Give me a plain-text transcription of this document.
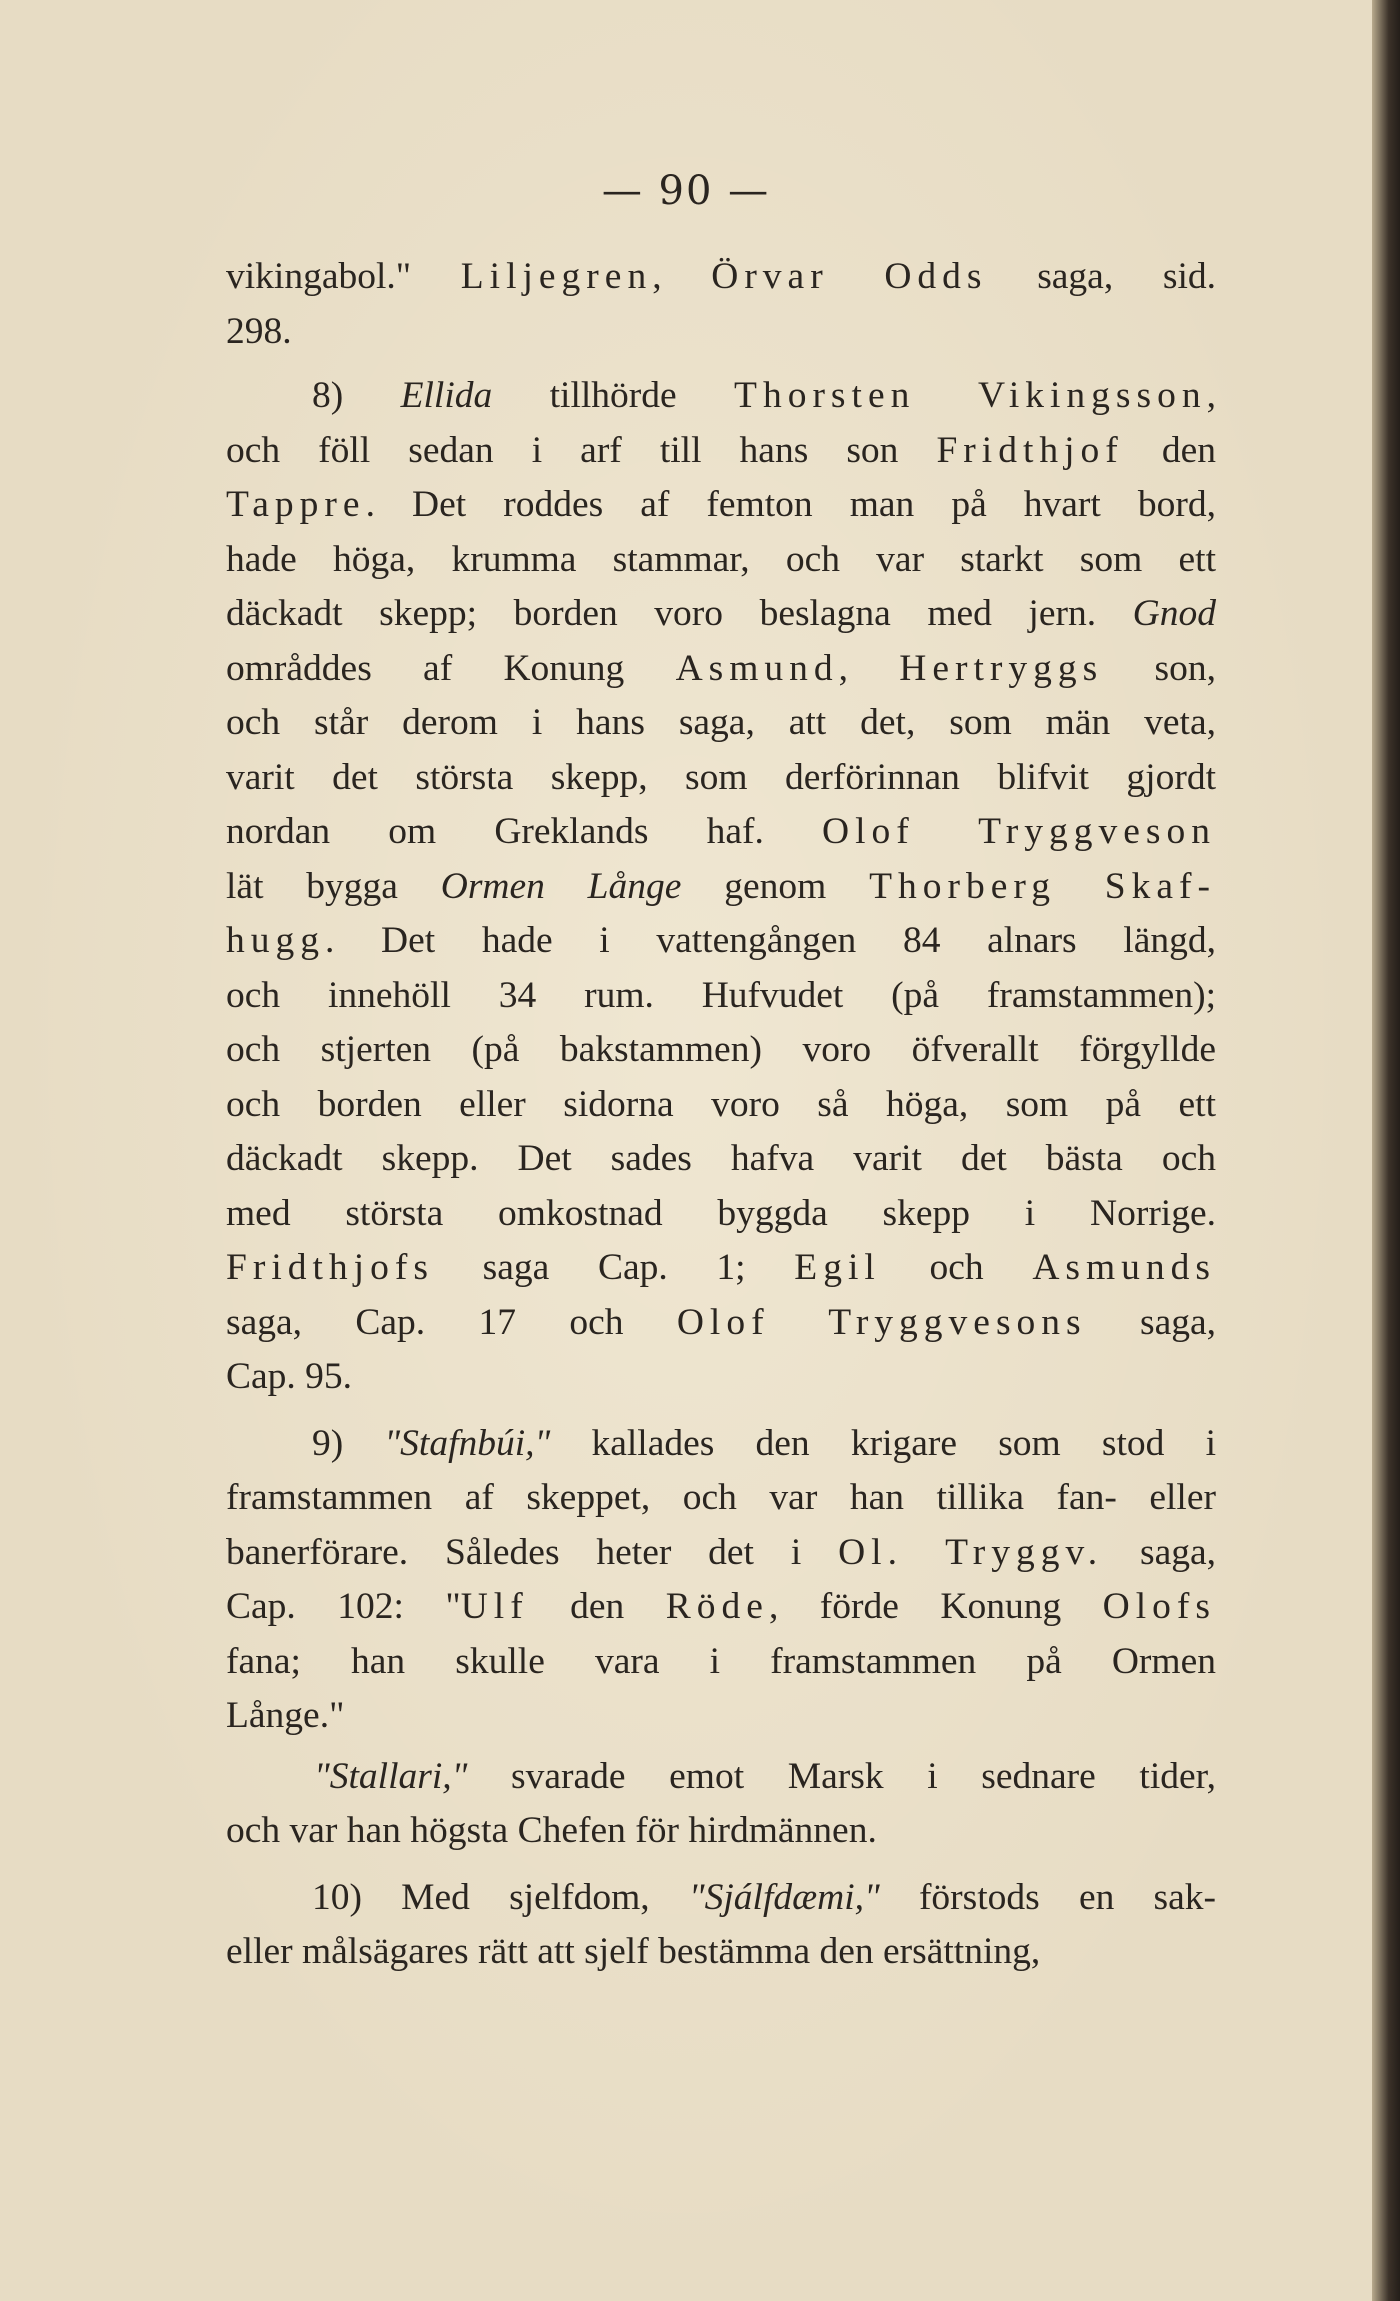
— 90 —
vikingabol." Liljegren, Örvar Odds saga, sid.
298.
8) Ellida tillhörde Thorsten Vikingsson,
och föll sedan i arf till hans son Fridthjof den
Tappre. Det roddes af femton man på hvart bord,
hade höga, krumma stammar, och var starkt som ett
däckadt skepp; borden voro beslagna med jern. Gnod
områddes af Konung Asmund, Hertryggs son,
och står derom i hans saga, att det, som män veta,
varit det största skepp, som derförinnan blifvit gjordt
nordan om Greklands haf. Olof Tryggveson
lät bygga Ormen Långe genom Thorberg Skaf-
hugg. Det hade i vattengången 84 alnars längd,
och innehöll 34 rum. Hufvudet (på framstammen);
och stjerten (på bakstammen) voro öfverallt förgyllde
och borden eller sidorna voro så höga, som på ett
däckadt skepp. Det sades hafva varit det bästa och
med största omkostnad byggda skepp i Norrige.
Fridthjofs saga Cap. 1; Egil och Asmunds
saga, Cap. 17 och Olof Tryggvesons saga,
Cap. 95.
9) "Stafnbúi," kallades den krigare som stod i
framstammen af skeppet, och var han tillika fan- eller
banerförare. Således heter det i Ol. Tryggv. saga,
Cap. 102: "Ulf den Röde, förde Konung Olofs
fana; han skulle vara i framstammen på Ormen
Långe."
"Stallari," svarade emot Marsk i sednare tider,
och var han högsta Chefen för hirdmännen.
10) Med sjelfdom, "Sjálfdæmi," förstods en sak-
eller målsägares rätt att sjelf bestämma den ersättning,
